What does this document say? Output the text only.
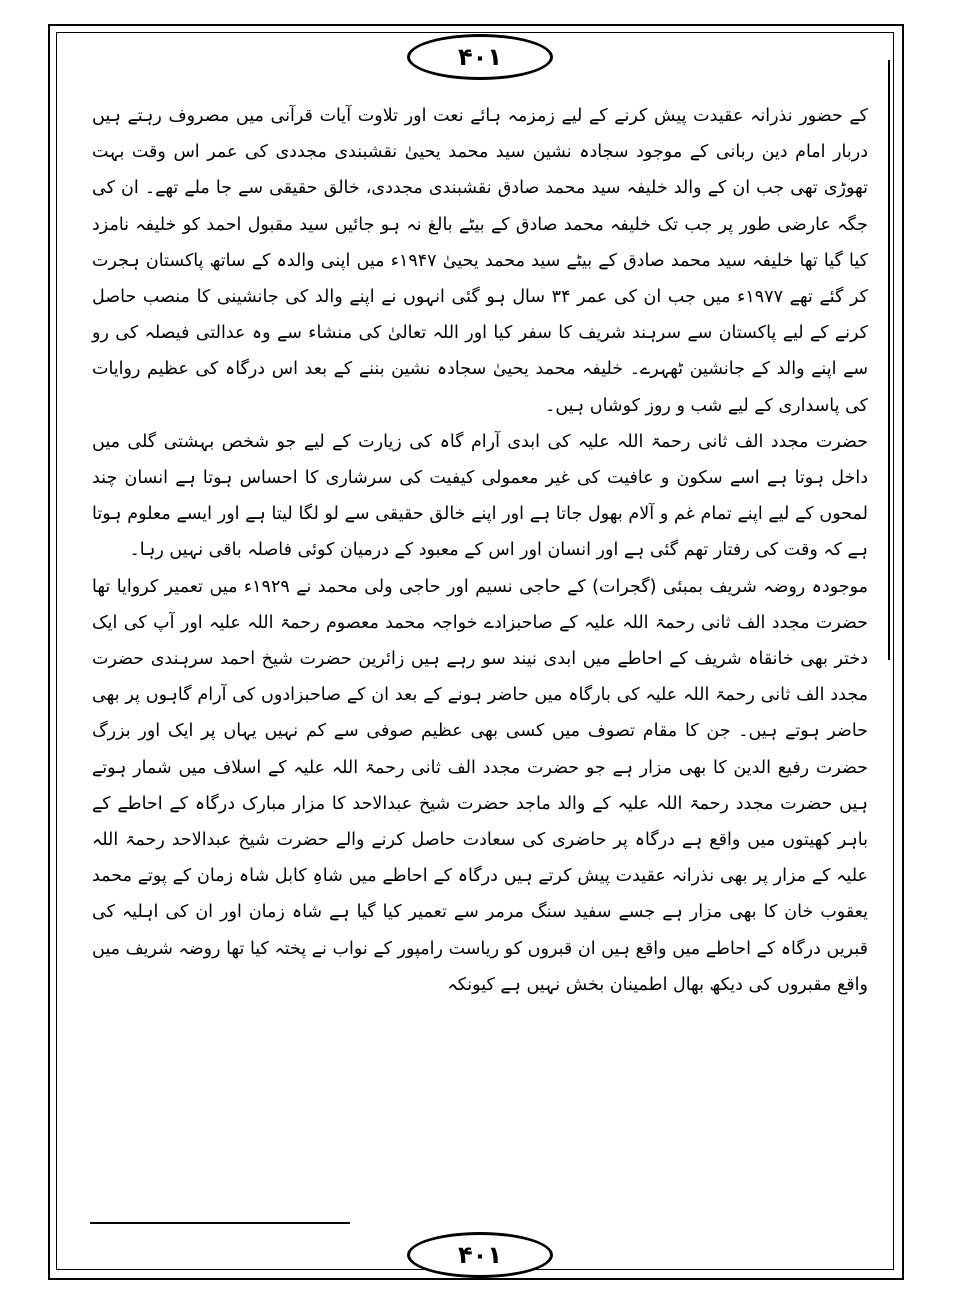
۴۰۱

کے حضور نذرانہ عقیدت پیش کرنے کے لیے زمزمہ ہائے نعت اور تلاوت آیات قرآنی میں مصروف رہتے ہیں دربار امام دین ربانی کے موجود سجادہ نشین سید محمد یحییٰ نقشبندی مجددی کی عمر اس وقت بہت تھوڑی تھی جب ان کے والد خلیفہ سید محمد صادق نقشبندی مجددی، خالق حقیقی سے جا ملے تھے۔ ان کی جگہ عارضی طور پر جب تک خلیفہ محمد صادق کے بیٹے بالغ نہ ہو جائیں سید مقبول احمد کو خلیفہ نامزد کیا گیا تھا خلیفہ سید محمد صادق کے بیٹے سید محمد یحییٰ ۱۹۴۷ء میں اپنی والدہ کے ساتھ پاکستان ہجرت کر گئے تھے ۱۹۷۷ء میں جب ان کی عمر ۳۴ سال ہو گئی انہوں نے اپنے والد کی جانشینی کا منصب حاصل کرنے کے لیے پاکستان سے سرہند شریف کا سفر کیا اور اللہ تعالیٰ کی منشاء سے وہ عدالتی فیصلہ کی رو سے اپنے والد کے جانشین ٹھہرے۔ خلیفہ محمد یحییٰ سجادہ نشین بننے کے بعد اس درگاہ کی عظیم روایات کی پاسداری کے لیے شب و روز کوشاں ہیں۔

حضرت مجدد الف ثانی رحمۃ اللہ علیہ کی ابدی آرام گاہ کی زیارت کے لیے جو شخص بہشتی گلی میں داخل ہوتا ہے اسے سکون و عافیت کی غیر معمولی کیفیت کی سرشاری کا احساس ہوتا ہے انسان چند لمحوں کے لیے اپنے تمام غم و آلام بھول جاتا ہے اور اپنے خالق حقیقی سے لو لگا لیتا ہے اور ایسے معلوم ہوتا ہے کہ وقت کی رفتار تھم گئی ہے اور انسان اور اس کے معبود کے درمیان کوئی فاصلہ باقی نہیں رہا۔

موجودہ روضہ شریف بمبئی (گجرات) کے حاجی نسیم اور حاجی ولی محمد نے ۱۹۲۹ء میں تعمیر کروایا تھا حضرت مجدد الف ثانی رحمۃ اللہ علیہ کے صاحبزادے خواجہ محمد معصوم رحمۃ اللہ علیہ اور آپ کی ایک دختر بھی خانقاہ شریف کے احاطے میں ابدی نیند سو رہے ہیں زائرین حضرت شیخ احمد سرہندی حضرت مجدد الف ثانی رحمۃ اللہ علیہ کی بارگاہ میں حاضر ہونے کے بعد ان کے صاحبزادوں کی آرام گاہوں پر بھی حاضر ہوتے ہیں۔ جن کا مقام تصوف میں کسی بھی عظیم صوفی سے کم نہیں یہاں پر ایک اور بزرگ حضرت رفیع الدین کا بھی مزار ہے جو حضرت مجدد الف ثانی رحمۃ اللہ علیہ کے اسلاف میں شمار ہوتے ہیں حضرت مجدد رحمۃ اللہ علیہ کے والد ماجد حضرت شیخ عبدالاحد کا مزار مبارک درگاہ کے احاطے کے باہر کھیتوں میں واقع ہے درگاہ پر حاضری کی سعادت حاصل کرنے والے حضرت شیخ عبدالاحد رحمۃ اللہ علیہ کے مزار پر بھی نذرانہ عقیدت پیش کرتے ہیں درگاہ کے احاطے میں شاہِ کابل شاہ زمان کے پوتے محمد یعقوب خان کا بھی مزار ہے جسے سفید سنگ مرمر سے تعمیر کیا گیا ہے شاہ زمان اور ان کی اہلیہ کی قبریں درگاہ کے احاطے میں واقع ہیں ان قبروں کو ریاست رامپور کے نواب نے پختہ کیا تھا روضہ شریف میں واقع مقبروں کی دیکھ بھال اطمینان بخش نہیں ہے کیونکہ

۴۰۱
